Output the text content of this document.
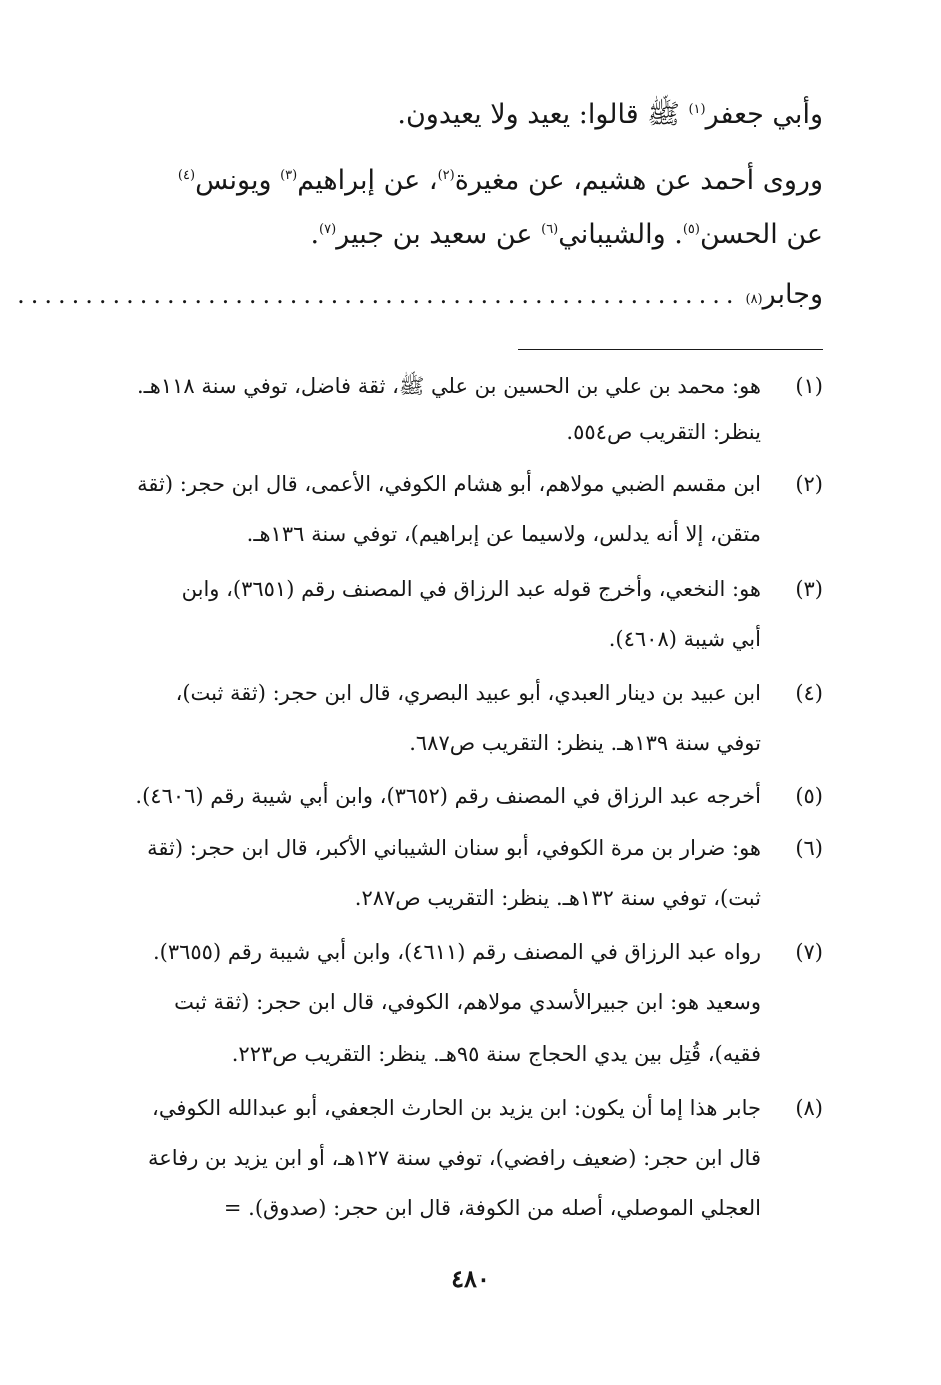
وأبي جعفر$^{(١)}$ ﷺ قالوا: يعيد ولا يعيدون.
وروى أحمد عن هشيم، عن مغيرة$^{(٢)}$، عن إبراهيم$^{(٣)}$ ويونس$^{(٤)}$
عن الحسن$^{(٥)}$. والشيباني$^{(٦)}$ عن سعيد بن جبير$^{(٧)}$.
وجابر
(٨)
.....................................................
(١)
هو: محمد بن علي بن الحسين بن علي ﷺ، ثقة فاضل، توفي سنة ١١٨هـ.
ينظر: التقريب ص٥٥٤.
(٢)
ابن مقسم الضبي مولاهم، أبو هشام الكوفي، الأعمى، قال ابن حجر: (ثقة
متقن، إلا أنه يدلس، ولاسيما عن إبراهيم)، توفي سنة ١٣٦هـ.
(٣)
هو: النخعي، وأخرج قوله عبد الرزاق في المصنف رقم (٣٦٥١)، وابن
أبي شيبة (٤٦٠٨).
(٤)
ابن عبيد بن دينار العبدي، أبو عبيد البصري، قال ابن حجر: (ثقة ثبت)،
توفي سنة ١٣٩هـ. ينظر: التقريب ص٦٨٧.
(٥)
أخرجه عبد الرزاق في المصنف رقم (٣٦٥٢)، وابن أبي شيبة رقم (٤٦٠٦).
(٦)
هو: ضرار بن مرة الكوفي، أبو سنان الشيباني الأكبر، قال ابن حجر: (ثقة
ثبت)، توفي سنة ١٣٢هـ. ينظر: التقريب ص٢٨٧.
(٧)
رواه عبد الرزاق في المصنف رقم (٤٦١١)، وابن أبي شيبة رقم (٣٦٥٥).
وسعيد هو: ابن جبيرالأسدي مولاهم، الكوفي، قال ابن حجر: (ثقة ثبت
فقيه)، قُتِل بين يدي الحجاج سنة ٩٥هـ. ينظر: التقريب ص٢٢٣.
(٨)
جابر هذا إما أن يكون: ابن يزيد بن الحارث الجعفي، أبو عبدالله الكوفي،
قال ابن حجر: (ضعيف رافضي)، توفي سنة ١٢٧هـ، أو ابن يزيد بن رفاعة
العجلي الموصلي، أصله من الكوفة، قال ابن حجر: (صدوق). =
٤٨٠
